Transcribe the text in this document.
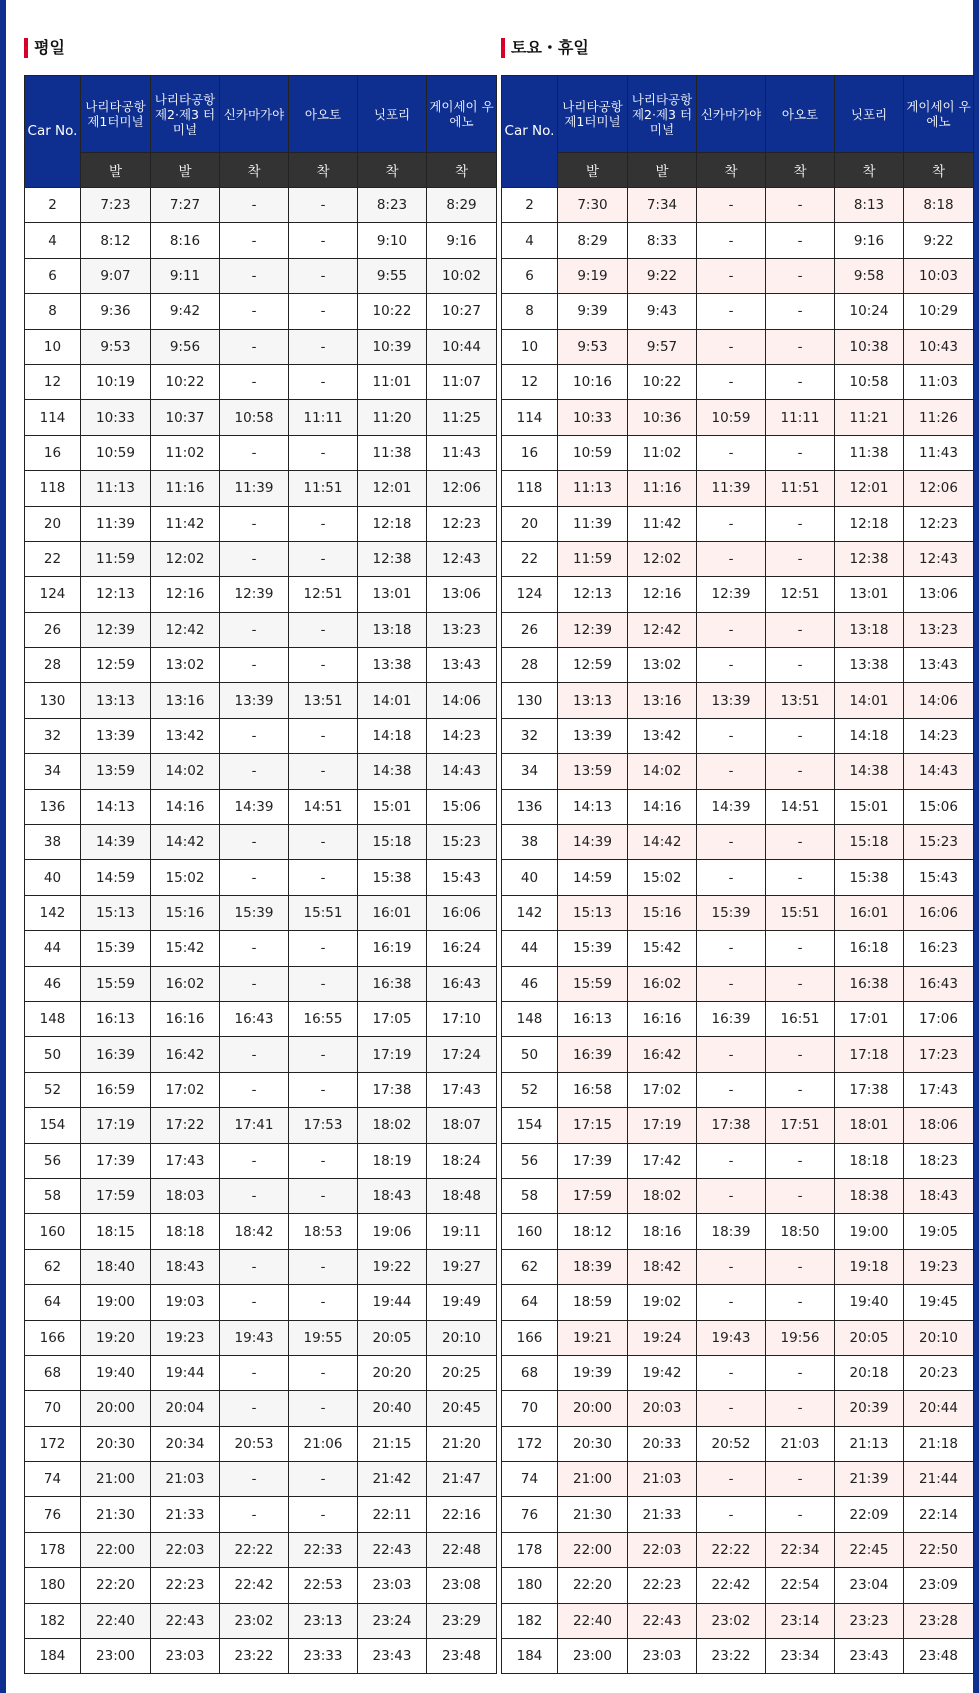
평일
Car No.	나리타공항 제1터미널	나리타공항 제2·제3 터미널	신카마가야	아오토	닛포리	게이세이 우에노
	발	발	착	착	착	착
2	7:23	7:27	-	-	8:23	8:29
4	8:12	8:16	-	-	9:10	9:16
6	9:07	9:11	-	-	9:55	10:02
8	9:36	9:42	-	-	10:22	10:27
10	9:53	9:56	-	-	10:39	10:44
12	10:19	10:22	-	-	11:01	11:07
114	10:33	10:37	10:58	11:11	11:20	11:25
16	10:59	11:02	-	-	11:38	11:43
118	11:13	11:16	11:39	11:51	12:01	12:06
20	11:39	11:42	-	-	12:18	12:23
22	11:59	12:02	-	-	12:38	12:43
124	12:13	12:16	12:39	12:51	13:01	13:06
26	12:39	12:42	-	-	13:18	13:23
28	12:59	13:02	-	-	13:38	13:43
130	13:13	13:16	13:39	13:51	14:01	14:06
32	13:39	13:42	-	-	14:18	14:23
34	13:59	14:02	-	-	14:38	14:43
136	14:13	14:16	14:39	14:51	15:01	15:06
38	14:39	14:42	-	-	15:18	15:23
40	14:59	15:02	-	-	15:38	15:43
142	15:13	15:16	15:39	15:51	16:01	16:06
44	15:39	15:42	-	-	16:19	16:24
46	15:59	16:02	-	-	16:38	16:43
148	16:13	16:16	16:43	16:55	17:05	17:10
50	16:39	16:42	-	-	17:19	17:24
52	16:59	17:02	-	-	17:38	17:43
154	17:19	17:22	17:41	17:53	18:02	18:07
56	17:39	17:43	-	-	18:19	18:24
58	17:59	18:03	-	-	18:43	18:48
160	18:15	18:18	18:42	18:53	19:06	19:11
62	18:40	18:43	-	-	19:22	19:27
64	19:00	19:03	-	-	19:44	19:49
166	19:20	19:23	19:43	19:55	20:05	20:10
68	19:40	19:44	-	-	20:20	20:25
70	20:00	20:04	-	-	20:40	20:45
172	20:30	20:34	20:53	21:06	21:15	21:20
74	21:00	21:03	-	-	21:42	21:47
76	21:30	21:33	-	-	22:11	22:16
178	22:00	22:03	22:22	22:33	22:43	22:48
180	22:20	22:23	22:42	22:53	23:03	23:08
182	22:40	22:43	23:02	23:13	23:24	23:29
184	23:00	23:03	23:22	23:33	23:43	23:48
토요・휴일
Car No.	나리타공항 제1터미널	나리타공항 제2·제3 터미널	신카마가야	아오토	닛포리	게이세이 우에노
	발	발	착	착	착	착
2	7:30	7:34	-	-	8:13	8:18
4	8:29	8:33	-	-	9:16	9:22
6	9:19	9:22	-	-	9:58	10:03
8	9:39	9:43	-	-	10:24	10:29
10	9:53	9:57	-	-	10:38	10:43
12	10:16	10:22	-	-	10:58	11:03
114	10:33	10:36	10:59	11:11	11:21	11:26
16	10:59	11:02	-	-	11:38	11:43
118	11:13	11:16	11:39	11:51	12:01	12:06
20	11:39	11:42	-	-	12:18	12:23
22	11:59	12:02	-	-	12:38	12:43
124	12:13	12:16	12:39	12:51	13:01	13:06
26	12:39	12:42	-	-	13:18	13:23
28	12:59	13:02	-	-	13:38	13:43
130	13:13	13:16	13:39	13:51	14:01	14:06
32	13:39	13:42	-	-	14:18	14:23
34	13:59	14:02	-	-	14:38	14:43
136	14:13	14:16	14:39	14:51	15:01	15:06
38	14:39	14:42	-	-	15:18	15:23
40	14:59	15:02	-	-	15:38	15:43
142	15:13	15:16	15:39	15:51	16:01	16:06
44	15:39	15:42	-	-	16:18	16:23
46	15:59	16:02	-	-	16:38	16:43
148	16:13	16:16	16:39	16:51	17:01	17:06
50	16:39	16:42	-	-	17:18	17:23
52	16:58	17:02	-	-	17:38	17:43
154	17:15	17:19	17:38	17:51	18:01	18:06
56	17:39	17:42	-	-	18:18	18:23
58	17:59	18:02	-	-	18:38	18:43
160	18:12	18:16	18:39	18:50	19:00	19:05
62	18:39	18:42	-	-	19:18	19:23
64	18:59	19:02	-	-	19:40	19:45
166	19:21	19:24	19:43	19:56	20:05	20:10
68	19:39	19:42	-	-	20:18	20:23
70	20:00	20:03	-	-	20:39	20:44
172	20:30	20:33	20:52	21:03	21:13	21:18
74	21:00	21:03	-	-	21:39	21:44
76	21:30	21:33	-	-	22:09	22:14
178	22:00	22:03	22:22	22:34	22:45	22:50
180	22:20	22:23	22:42	22:54	23:04	23:09
182	22:40	22:43	23:02	23:14	23:23	23:28
184	23:00	23:03	23:22	23:34	23:43	23:48
